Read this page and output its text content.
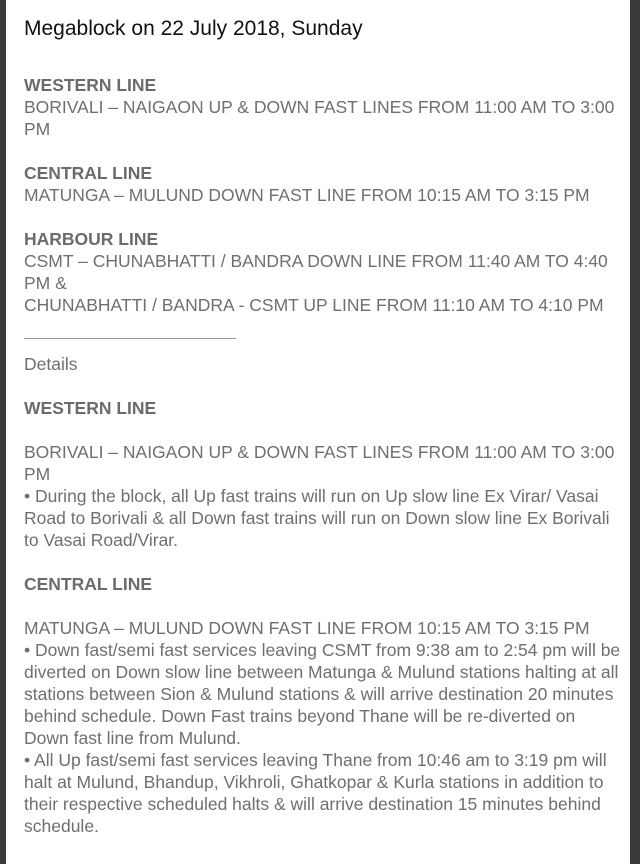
Megablock on 22 July 2018, Sunday

WESTERN LINE

BORIVALI – NAIGAON UP & DOWN FAST LINES FROM 11:00 AM TO 3:00 PM

CENTRAL LINE

MATUNGA – MULUND DOWN FAST LINE FROM 10:15 AM TO 3:15 PM

HARBOUR LINE

CSMT – CHUNABHATTI / BANDRA DOWN LINE FROM 11:40 AM TO 4:40 PM &

CHUNABHATTI / BANDRA - CSMT UP LINE FROM 11:10 AM TO 4:10 PM

Details

WESTERN LINE

BORIVALI – NAIGAON UP & DOWN FAST LINES FROM 11:00 AM TO 3:00 PM

• During the block, all Up fast trains will run on Up slow line Ex Virar/ Vasai Road to Borivali & all Down fast trains will run on Down slow line Ex Borivali to Vasai Road/Virar.

CENTRAL LINE

MATUNGA – MULUND DOWN FAST LINE FROM 10:15 AM TO 3:15 PM

• Down fast/semi fast services leaving CSMT from 9:38 am to 2:54 pm will be diverted on Down slow line between Matunga & Mulund stations halting at all stations between Sion & Mulund stations & will arrive destination 20 minutes behind schedule. Down Fast trains beyond Thane will be re-diverted on Down fast line from Mulund.

• All Up fast/semi fast services leaving Thane from 10:46 am to 3:19 pm will halt at Mulund, Bhandup, Vikhroli, Ghatkopar & Kurla stations in addition to their respective scheduled halts & will arrive destination 15 minutes behind schedule.
